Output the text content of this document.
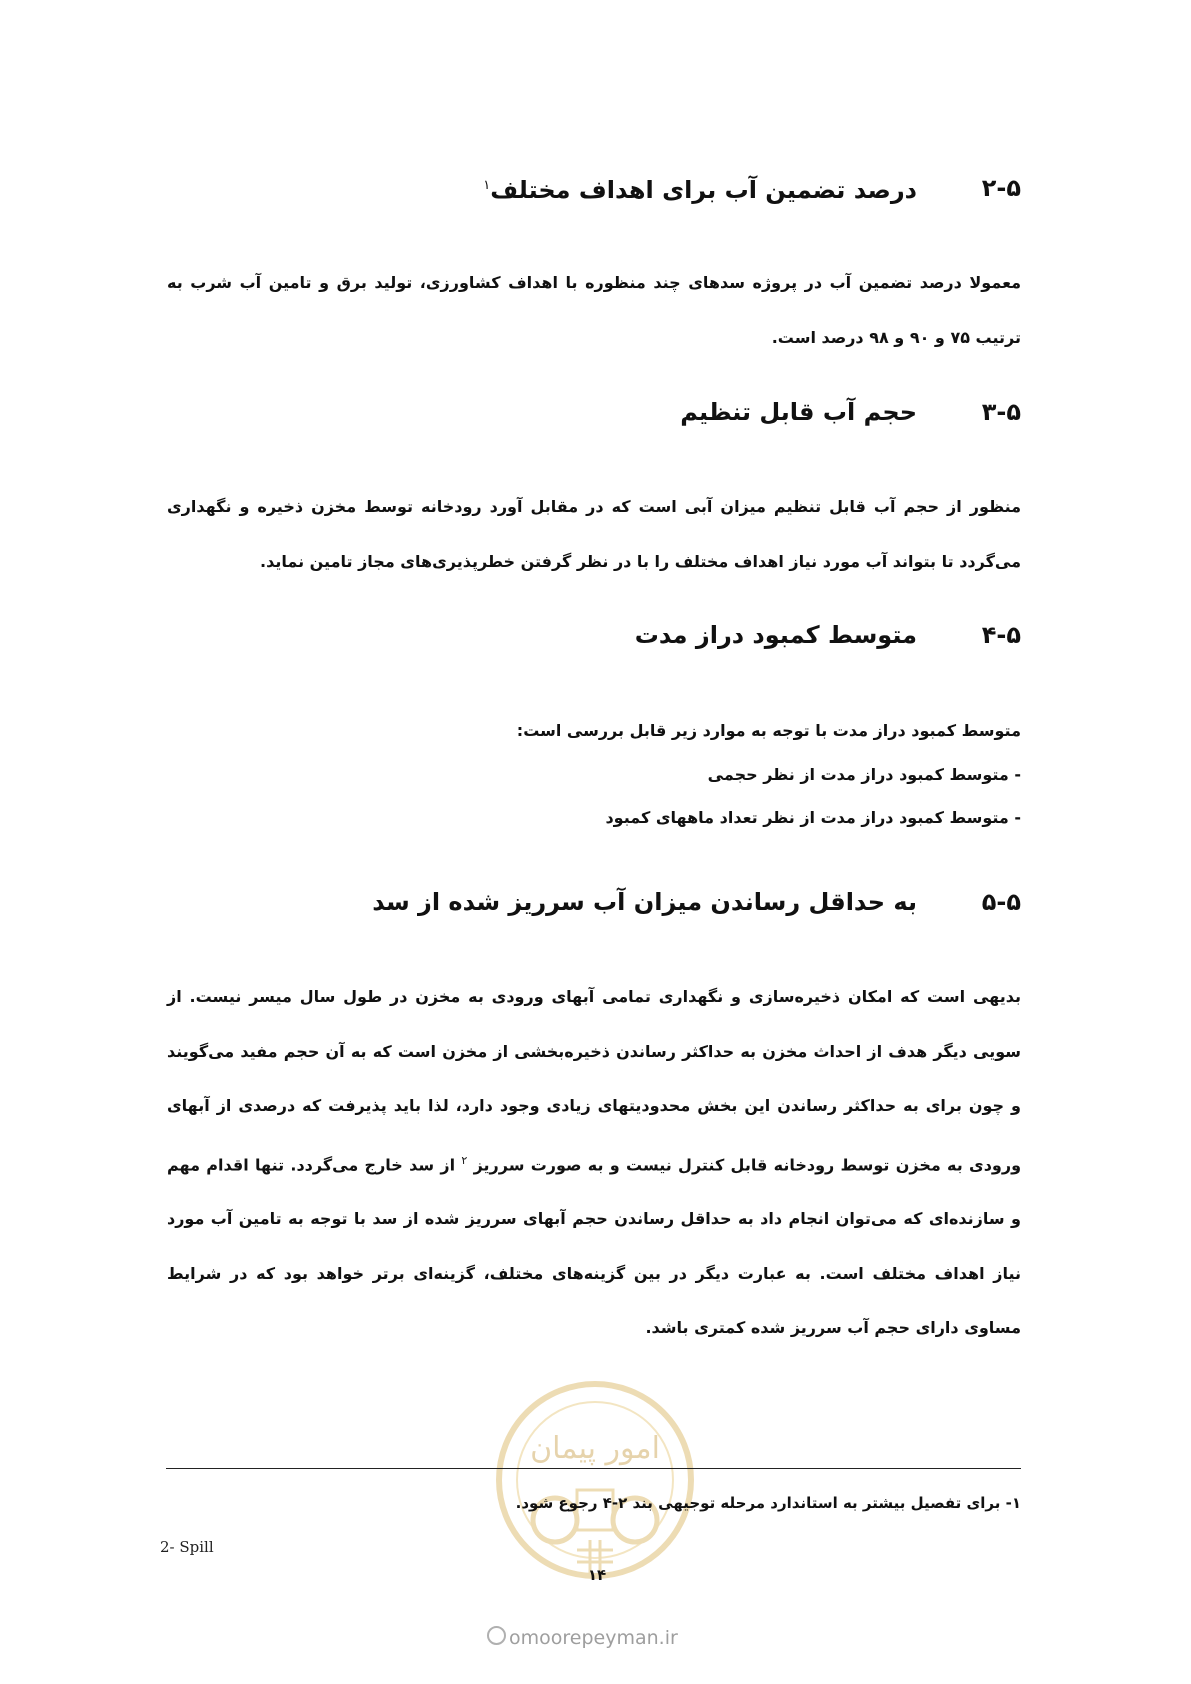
۲-۵
درصد تضمین آب برای اهداف مختلف$^۱$
معمولا درصد تضمین آب در پروژه سدهای چند منظوره با اهداف کشاورزی، تولید برق و تامین آب شرب به ترتیب ۷۵ و ۹۰ و ۹۸ درصد است.
۳-۵
حجم آب قابل تنظیم
منظور از حجم آب قابل تنظیم میزان آبی است که در مقابل آورد رودخانه توسط مخزن ذخیره و نگهداری می‌گردد تا بتواند آب مورد نیاز اهداف مختلف را با در نظر گرفتن خطرپذیری‌های مجاز تامین نماید.
۴-۵
متوسط کمبود دراز مدت
متوسط کمبود دراز مدت با توجه به موارد زیر قابل بررسی است:
- متوسط کمبود دراز مدت از نظر حجمی
- متوسط کمبود دراز مدت از نظر تعداد ماههای کمبود
۵-۵
به حداقل رساندن میزان آب سرریز شده از سد
بدیهی است که امکان ذخیره‌سازی و نگهداری تمامی آبهای ورودی به مخزن در طول سال میسر نیست. از سویی دیگر هدف از احداث مخزن به حداکثر رساندن ذخیره‌بخشی از مخزن است که به آن حجم مفید می‌گویند و چون برای به حداکثر رساندن این بخش محدودیتهای زیادی وجود دارد، لذا باید پذیرفت که درصدی از آبهای ورودی به مخزن توسط رودخانه قابل کنترل نیست و به صورت سرریز $^۲$ از سد خارج می‌گردد. تنها اقدام مهم و سازنده‌ای که می‌توان انجام داد به حداقل رساندن حجم آبهای سرریز شده از سد با توجه به تامین آب مورد نیاز اهداف مختلف است. به عبارت دیگر در بین گزینه‌های مختلف، گزینه‌ای برتر خواهد بود که در شرایط مساوی دارای حجم آب سرریز شده کمتری باشد.
امور پیمان
۱- برای تفصیل بیشتر به استاندارد مرحله توجیهی بند ۲-۴ رجوع شود.
2- Spill
۱۴
omoorepeyman.ir
